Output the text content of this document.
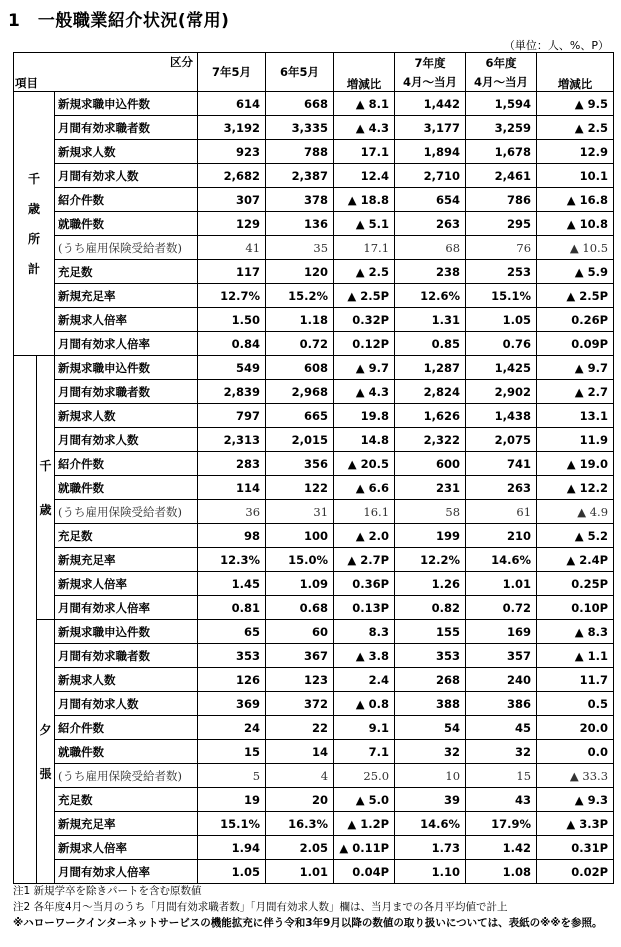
1　一般職業紹介状況(常用)
（単位：人、%、P）
区分
項目			7年5月	6年5月	増減比	7年度	6年度	増減比
						4月～当月	4月～当月	

千
歳
所
計		新規求職申込件数	614	668	▲ 8.1	1,442	1,594	▲ 9.5
		月間有効求職者数	3,192	3,335	▲ 4.3	3,177	3,259	▲ 2.5
		新規求人数	923	788	17.1	1,894	1,678	12.9
		月間有効求人数	2,682	2,387	12.4	2,710	2,461	10.1
		紹介件数	307	378	▲ 18.8	654	786	▲ 16.8
		就職件数	129	136	▲ 5.1	263	295	▲ 10.8
		(うち雇用保険受給者数)	41	35	17.1	68	76	▲ 10.5
		充足数	117	120	▲ 2.5	238	253	▲ 5.9
		新規充足率	12.7%	15.2%	▲ 2.5P	12.6%	15.1%	▲ 2.5P
		新規求人倍率	1.50	1.18	0.32P	1.31	1.05	0.26P
		月間有効求人倍率	0.84	0.72	0.12P	0.85	0.76	0.09P

	千
歳	新規求職申込件数	549	608	▲ 9.7	1,287	1,425	▲ 9.7
		月間有効求職者数	2,839	2,968	▲ 4.3	2,824	2,902	▲ 2.7
		新規求人数	797	665	19.8	1,626	1,438	13.1
		月間有効求人数	2,313	2,015	14.8	2,322	2,075	11.9
		紹介件数	283	356	▲ 20.5	600	741	▲ 19.0
		就職件数	114	122	▲ 6.6	231	263	▲ 12.2
		(うち雇用保険受給者数)	36	31	16.1	58	61	▲ 4.9
		充足数	98	100	▲ 2.0	199	210	▲ 5.2
		新規充足率	12.3%	15.0%	▲ 2.7P	12.2%	14.6%	▲ 2.4P
		新規求人倍率	1.45	1.09	0.36P	1.26	1.01	0.25P
		月間有効求人倍率	0.81	0.68	0.13P	0.82	0.72	0.10P

	夕
張	新規求職申込件数	65	60	8.3	155	169	▲ 8.3
		月間有効求職者数	353	367	▲ 3.8	353	357	▲ 1.1
		新規求人数	126	123	2.4	268	240	11.7
		月間有効求人数	369	372	▲ 0.8	388	386	0.5
		紹介件数	24	22	9.1	54	45	20.0
		就職件数	15	14	7.1	32	32	0.0
		(うち雇用保険受給者数)	5	4	25.0	10	15	▲ 33.3
		充足数	19	20	▲ 5.0	39	43	▲ 9.3
		新規充足率	15.1%	16.3%	▲ 1.2P	14.6%	17.9%	▲ 3.3P
		新規求人倍率	1.94	2.05	▲ 0.11P	1.73	1.42	0.31P
		月間有効求人倍率	1.05	1.01	0.04P	1.10	1.08	0.02P
注1 新規学卒を除きパートを含む原数値
注2 各年度4月～当月のうち「月間有効求職者数」「月間有効求人数」欄は、当月までの各月平均値で計上
※ハローワークインターネットサービスの機能拡充に伴う令和3年9月以降の数値の取り扱いについては、表紙の※※を参照。
